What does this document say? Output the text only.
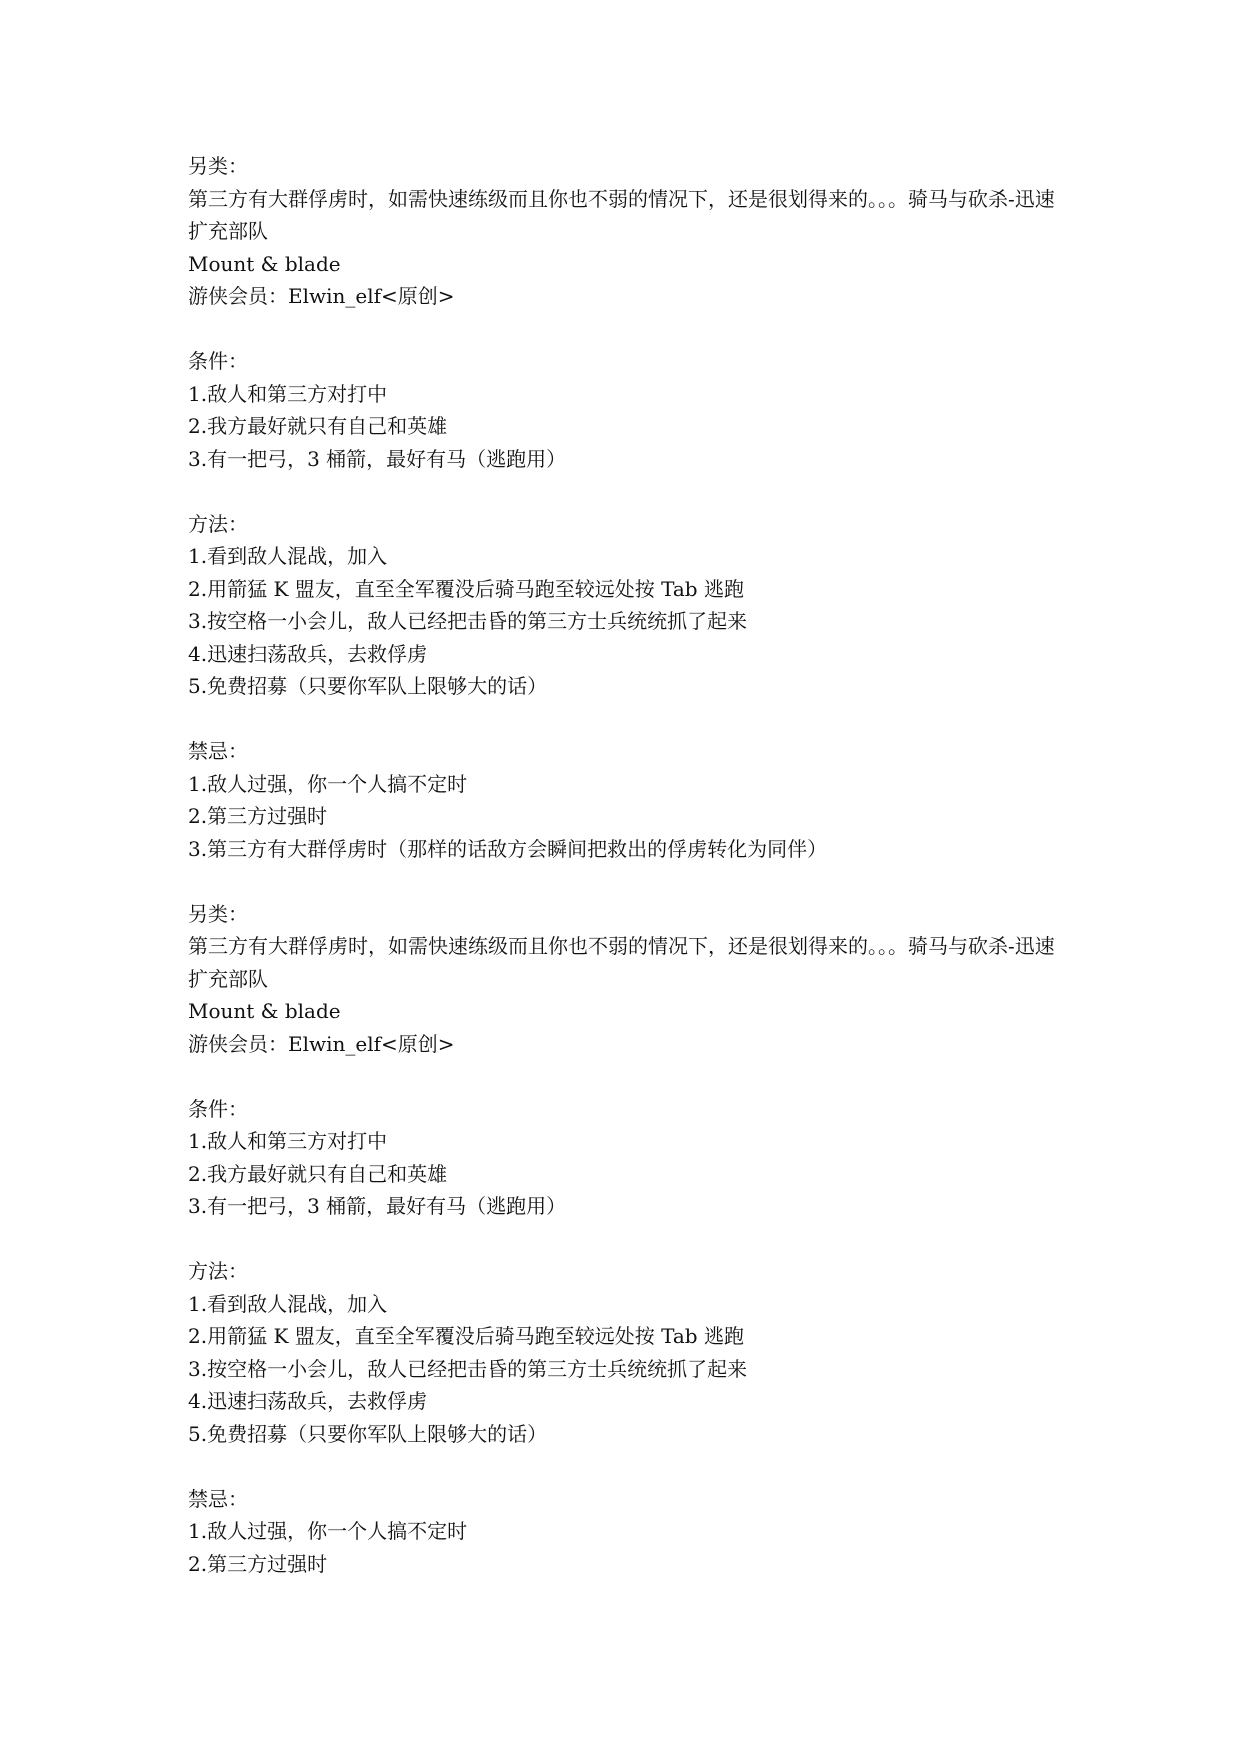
另类：
第三方有大群俘虏时，如需快速练级而且你也不弱的情况下，还是很划得来的。。。骑马与砍杀-迅速扩充部队
Mount & blade
游侠会员：Elwin_elf<原创>
条件：
1.敌人和第三方对打中
2.我方最好就只有自己和英雄
3.有一把弓，3 桶箭，最好有马（逃跑用）
方法：
1.看到敌人混战，加入
2.用箭猛 K 盟友，直至全军覆没后骑马跑至较远处按 Tab 逃跑
3.按空格一小会儿，敌人已经把击昏的第三方士兵统统抓了起来
4.迅速扫荡敌兵，去救俘虏
5.免费招募（只要你军队上限够大的话）
禁忌：
1.敌人过强，你一个人搞不定时
2.第三方过强时
3.第三方有大群俘虏时（那样的话敌方会瞬间把救出的俘虏转化为同伴）
另类：
第三方有大群俘虏时，如需快速练级而且你也不弱的情况下，还是很划得来的。。。骑马与砍杀-迅速扩充部队
Mount & blade
游侠会员：Elwin_elf<原创>
条件：
1.敌人和第三方对打中
2.我方最好就只有自己和英雄
3.有一把弓，3 桶箭，最好有马（逃跑用）
方法：
1.看到敌人混战，加入
2.用箭猛 K 盟友，直至全军覆没后骑马跑至较远处按 Tab 逃跑
3.按空格一小会儿，敌人已经把击昏的第三方士兵统统抓了起来
4.迅速扫荡敌兵，去救俘虏
5.免费招募（只要你军队上限够大的话）
禁忌：
1.敌人过强，你一个人搞不定时
2.第三方过强时
